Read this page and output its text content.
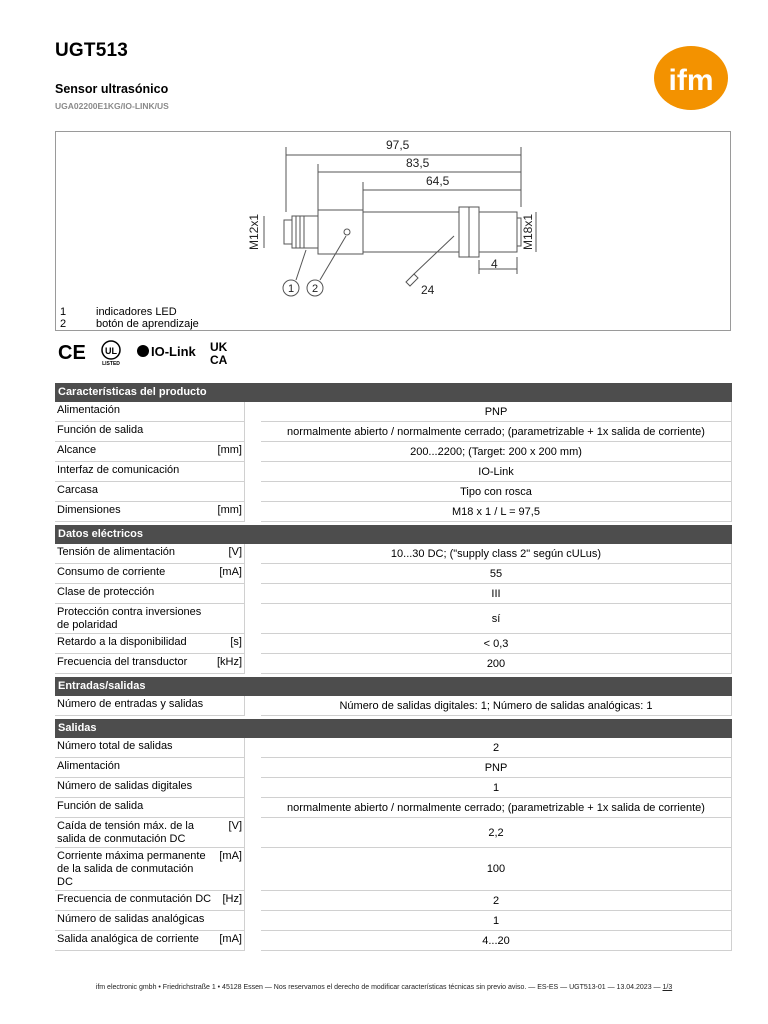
UGT513
Sensor ultrasónico
UGA02200E1KG/IO-LINK/US
ifm
97,5
83,5
64,5
M12x1	M18x1
4
24
1 2
1	indicadores LED
2	botón de aprendizaje
CE UL
LISTED
IO-Link UK
CA
Características del producto			
Alimentación			PNP
Función de salida			normalmente abierto / normalmente cerrado; (parametrizable + 1x salida de corriente)
Alcance	[mm]		200...2200; (Target: 200 x 200 mm)
Interfaz de comunicación			IO-Link
Carcasa			Tipo con rosca
Dimensiones	[mm]		M18 x 1 / L = 97,5

Datos eléctricos			
Tensión de alimentación	[V]		10...30 DC; ("supply class 2" según cULus)
Consumo de corriente	[mA]		55
Clase de protección			III
Protección contra inversiones de polaridad			sí
Retardo a la disponibilidad	[s]		< 0,3
Frecuencia del transductor	[kHz]		200

Entradas/salidas			
Número de entradas y salidas			Número de salidas digitales: 1; Número de salidas analógicas: 1

Salidas			
Número total de salidas			2
Alimentación			PNP
Número de salidas digitales			1
Función de salida			normalmente abierto / normalmente cerrado; (parametrizable + 1x salida de corriente)
Caída de tensión máx. de la salida de conmutación DC	[V]		2,2
Corriente máxima permanente de la salida de conmutación DC	[mA]		100
Frecuencia de conmutación DC	[Hz]		2
Número de salidas analógicas			1
Salida analógica de corriente	[mA]		4...20
ifm electronic gmbh • Friedrichstraße 1 • 45128 Essen — Nos reservamos el derecho de modificar características técnicas sin previo aviso. — ES-ES — UGT513-01 — 13.04.2023 — 1/3
